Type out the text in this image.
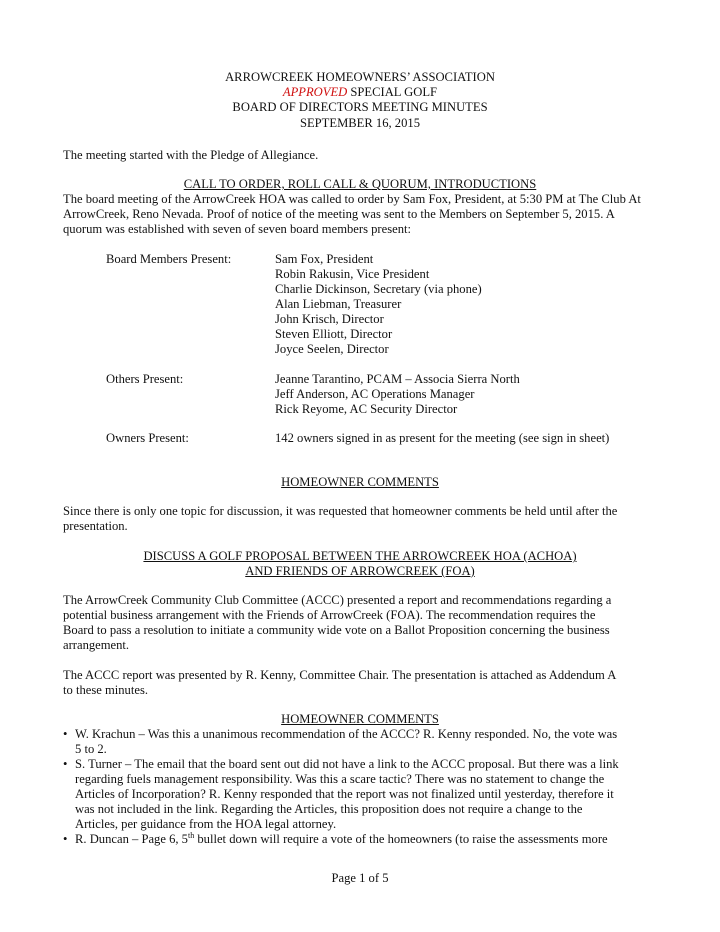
ARROWCREEK HOMEOWNERS’ ASSOCIATION
APPROVED SPECIAL GOLF
BOARD OF DIRECTORS MEETING MINUTES
SEPTEMBER 16, 2015
The meeting started with the Pledge of Allegiance.
CALL TO ORDER, ROLL CALL & QUORUM, INTRODUCTIONS
The board meeting of the ArrowCreek HOA was called to order by Sam Fox, President, at 5:30 PM at The Club At
ArrowCreek, Reno Nevada. Proof of notice of the meeting was sent to the Members on September 5, 2015. A
quorum was established with seven of seven board members present:
Board Members Present:	Sam Fox, President
Robin Rakusin, Vice President
Charlie Dickinson, Secretary (via phone)
Alan Liebman, Treasurer
John Krisch, Director
Steven Elliott, Director
Joyce Seelen, Director
Others Present:	Jeanne Tarantino, PCAM – Associa Sierra North
Jeff Anderson, AC Operations Manager
Rick Reyome, AC Security Director
Owners Present:	142 owners signed in as present for the meeting (see sign in sheet)
HOMEOWNER COMMENTS
Since there is only one topic for discussion, it was requested that homeowner comments be held until after the
presentation.
DISCUSS A GOLF PROPOSAL BETWEEN THE ARROWCREEK HOA (ACHOA)
AND FRIENDS OF ARROWCREEK (FOA)
The ArrowCreek Community Club Committee (ACCC) presented a report and recommendations regarding a
potential business arrangement with the Friends of ArrowCreek (FOA). The recommendation requires the
Board to pass a resolution to initiate a community wide vote on a Ballot Proposition concerning the business
arrangement.
The ACCC report was presented by R. Kenny, Committee Chair. The presentation is attached as Addendum A
to these minutes.
HOMEOWNER COMMENTS
• W. Krachun – Was this a unanimous recommendation of the ACCC? R. Kenny responded. No, the vote was
5 to 2.
• S. Turner – The email that the board sent out did not have a link to the ACCC proposal. But there was a link
regarding fuels management responsibility. Was this a scare tactic? There was no statement to change the
Articles of Incorporation? R. Kenny responded that the report was not finalized until yesterday, therefore it
was not included in the link. Regarding the Articles, this proposition does not require a change to the
Articles, per guidance from the HOA legal attorney.
• R. Duncan – Page 6, 5th bullet down will require a vote of the homeowners (to raise the assessments more
Page 1 of 5
